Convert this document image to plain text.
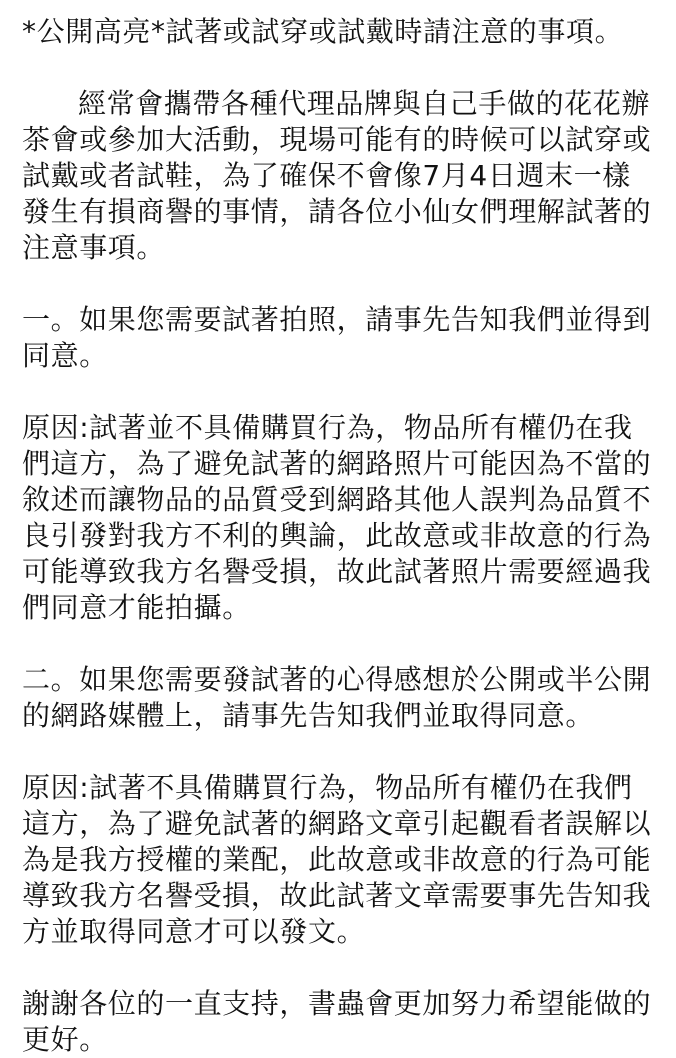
*公開高亮*試著或試穿或試戴時請注意的事項。

經常會攜帶各種代理品牌與自己手做的花花辦茶會或參加大活動，現場可能有的時候可以試穿或試戴或者試鞋，為了確保不會像7月4日週末一樣發生有損商譽的事情，請各位小仙女們理解試著的注意事項。

一。如果您需要試著拍照，請事先告知我們並得到同意。

原因:試著並不具備購買行為，物品所有權仍在我們這方，為了避免試著的網路照片可能因為不當的敘述而讓物品的品質受到網路其他人誤判為品質不良引發對我方不利的輿論，此故意或非故意的行為可能導致我方名譽受損，故此試著照片需要經過我們同意才能拍攝。

二。如果您需要發試著的心得感想於公開或半公開的網路媒體上，請事先告知我們並取得同意。

原因:試著不具備購買行為，物品所有權仍在我們這方，為了避免試著的網路文章引起觀看者誤解以為是我方授權的業配，此故意或非故意的行為可能導致我方名譽受損，故此試著文章需要事先告知我方並取得同意才可以發文。

謝謝各位的一直支持，書蟲會更加努力希望能做的更好。
